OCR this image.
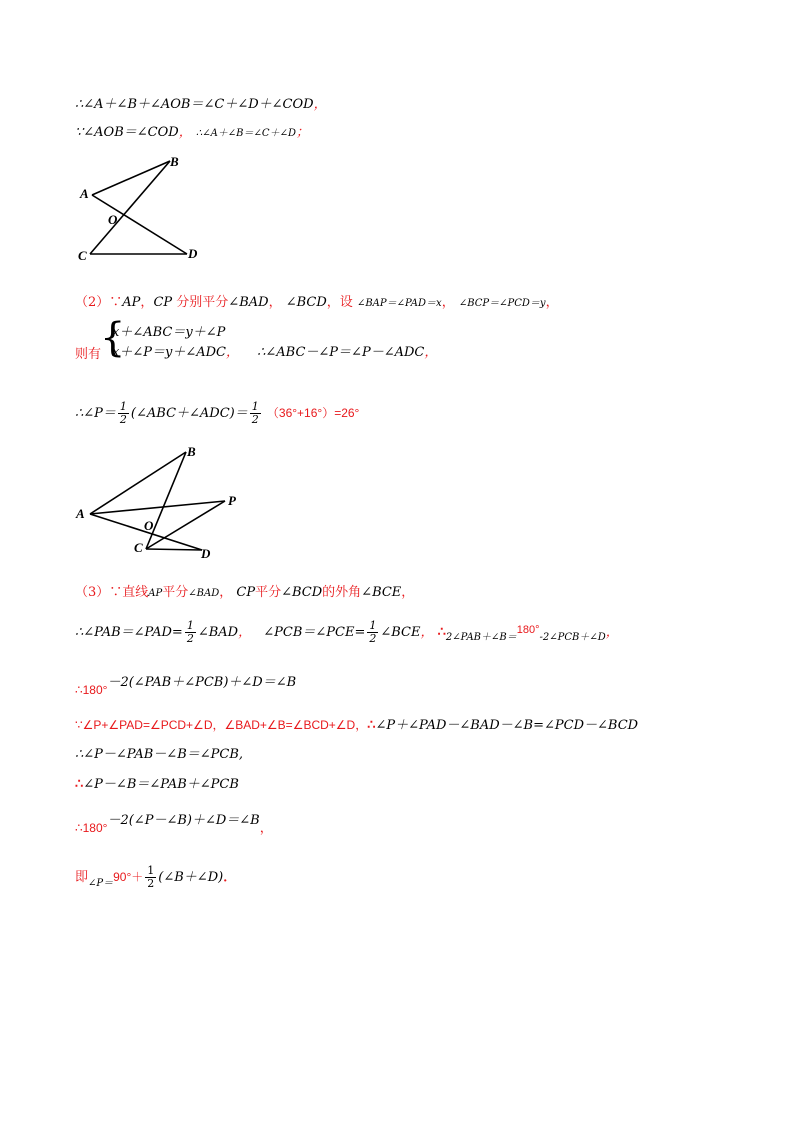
∴∠A＋∠B＋∠AOB＝∠C＋∠D＋∠COD，
∵∠AOB＝∠COD， ∴∠A＋∠B＝∠C＋∠D；
A
B
O
C	D
（2）∵AP，CP 分别平分∠BAD， ∠BCD，设 ∠BAP＝∠PAD＝x， ∠BCP＝∠PCD＝y，
{
x＋∠ABC＝y＋∠P
则有 x＋∠P＝y＋∠ADC， ∴∠ABC－∠P＝∠P－∠ADC，
∴∠P＝ $\frac{1}{2}$ (∠ABC＋∠ADC)＝ $\frac{1}{2} (36^\circ+16^\circ)=26^\circ$
A
B
P
O
C	D
（3）∵直线AP平分∠BAD， CP平分∠BCD的外角∠BCE，
∴∠PAB＝∠PAD= $\frac{1}{2}$ ∠BAD， ∠PCB＝∠PCE= $\frac{1}{2}$ ∠BCE， $\therefore_{2\angle PAB+\angle B=}^{180^\circ}_{-2\angle PCB+\angle D}$，
∴180°－2(∠PAB＋∠PCB)＋∠D＝∠B
∵∠P+∠PAD=∠PCD+∠D，∠BAD+∠B=∠BCD+∠D，∴∠P＋∠PAD－∠BAD－∠B=∠PCD－∠BCD
∴∠P－∠PAB－∠B＝∠PCB,
∴∠P－∠B＝∠PAB＋∠PCB
∴180°－2(∠P－∠B)＋∠D＝∠B，
即$_{\angle P=}90^\circ+ \frac{1}{2}$ (∠B＋∠D)．
